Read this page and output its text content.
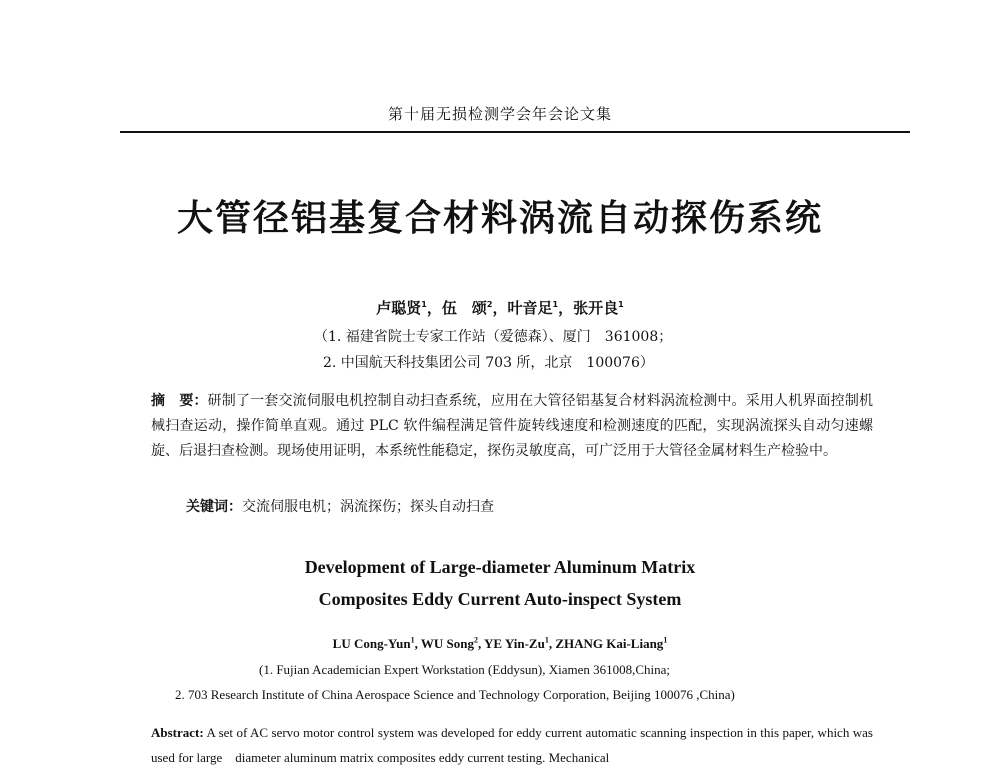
第十届无损检测学会年会论文集
大管径铝基复合材料涡流自动探伤系统
卢聪贤$^1$，伍　颂$^2$，叶音足$^1$，张开良$^1$
（1. 福建省院士专家工作站（爱德森）、厦门　361008；
2. 中国航天科技集团公司 703 所，北京　100076）
摘　要：研制了一套交流伺服电机控制自动扫查系统，应用在大管径铝基复合材料涡流检测中。采用人机界面控制机械扫查运动，操作简单直观。通过 PLC 软件编程满足管件旋转线速度和检测速度的匹配，实现涡流探头自动匀速螺旋、后退扫查检测。现场使用证明，本系统性能稳定，探伤灵敏度高，可广泛用于大管径金属材料生产检验中。
关键词：交流伺服电机；涡流探伤；探头自动扫查
Development of Large-diameter Aluminum Matrix
Composites Eddy Current Auto-inspect System
LU Cong-Yun$^1$, WU Song$^2$, YE Yin-Zu$^1$, ZHANG Kai-Liang$^1$
(1. Fujian Academician Expert Workstation (Eddysun), Xiamen 361008,China;
2. 703 Research Institute of China Aerospace Science and Technology Corporation, Beijing 100076 ,China)
Abstract: A set of AC servo motor control system was developed for eddy current automatic scanning inspection in this paper, which was used for large　diameter aluminum matrix composites eddy current testing. Mechanical
